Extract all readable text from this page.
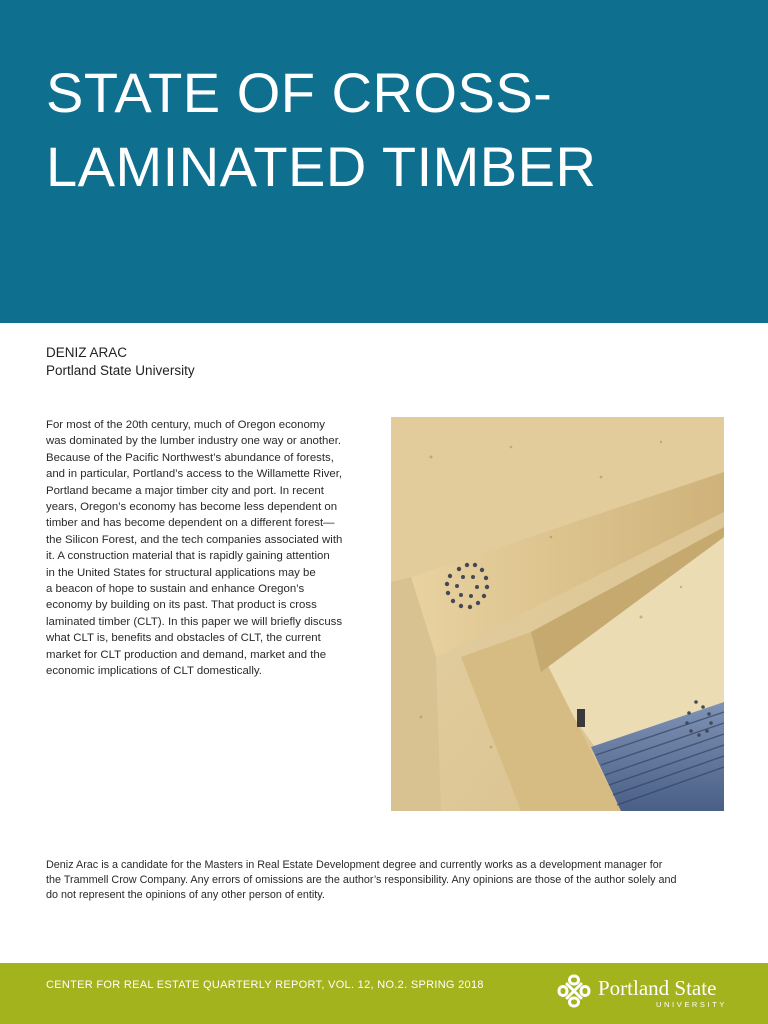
STATE OF CROSS-
LAMINATED TIMBER
DENIZ ARAC
Portland State University

For most of the 20th century, much of Oregon economy
was dominated by the lumber industry one way or another.
Because of the Pacific Northwest’s abundance of forests,
and in particular, Portland’s access to the Willamette River,
Portland became a major timber city and port. In recent
years, Oregon’s economy has become less dependent on
timber and has become dependent on a different forest—
the Silicon Forest, and the tech companies associated with
it. A construction material that is rapidly gaining attention
in the United States for structural applications may be
a beacon of hope to sustain and enhance Oregon’s
economy by building on its past. That product is cross
laminated timber (CLT). In this paper we will briefly discuss
what CLT is, benefits and obstacles of CLT, the current
market for CLT production and demand, market and the
economic implications of CLT domestically.

Deniz Arac is a candidate for the Masters in Real Estate Development degree and currently works as a development manager for
the Trammell Crow Company. Any errors of omissions are the author’s responsibility. Any opinions are those of the author solely and
do not represent the opinions of any other person of entity.

CENTER FOR REAL ESTATE QUARTERLY REPORT, VOL. 12, NO.2. SPRING 2018	Portland State
UNIVERSITY
